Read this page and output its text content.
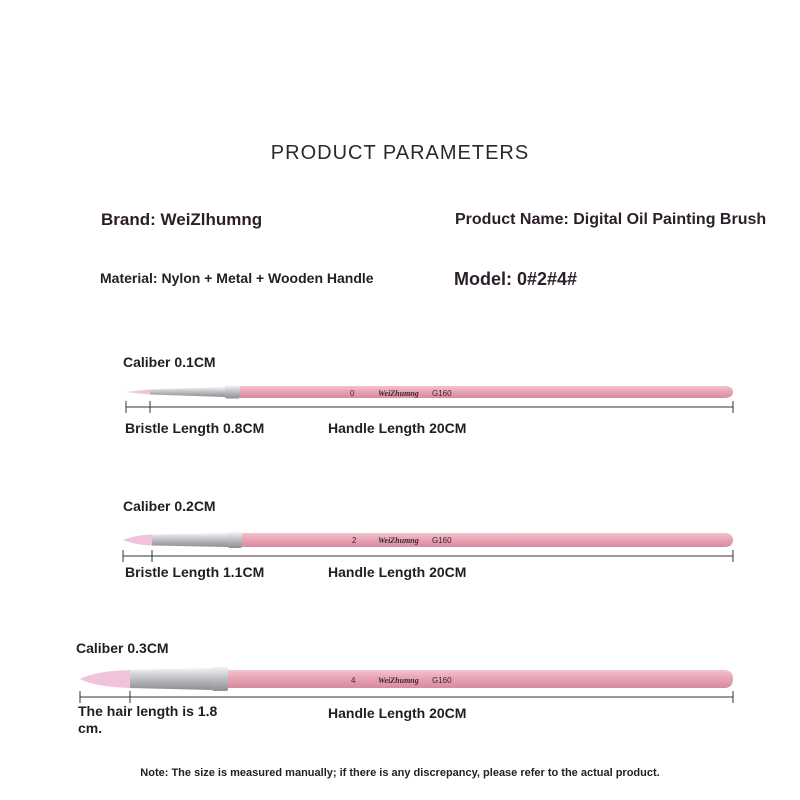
PRODUCT PARAMETERS
Brand: WeiZlhumng	Product Name: Digital Oil Painting Brush
Material: Nylon + Metal + Wooden Handle	Model: 0#2#4#
Caliber 0.1CM
0	WeiZhumng G160
Bristle Length 0.8CM	Handle Length 20CM
Caliber 0.2CM
2	WeiZhumng G160
Bristle Length 1.1CM	Handle Length 20CM
Caliber 0.3CM
4	WeiZhumng G160
The hair length is 1.8 cm.
Handle Length 20CM
Note: The size is measured manually; if there is any discrepancy, please refer to the actual product.
